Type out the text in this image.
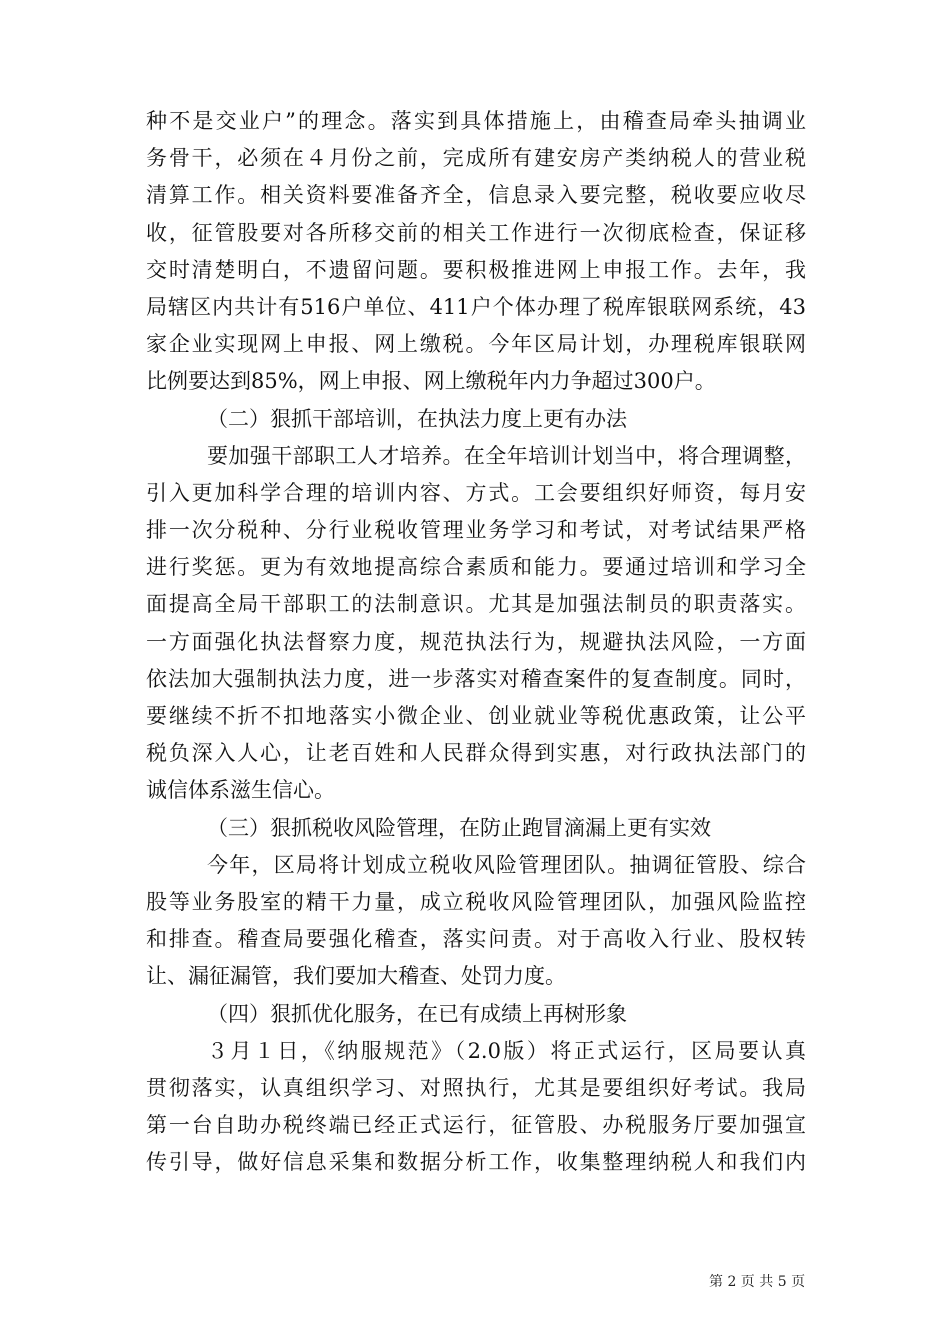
种不是交业户”的理念。落实到具体措施上，由稽查局牵头抽调业
务骨干，必须在４月份之前，完成所有建安房产类纳税人的营业税
清算工作。相关资料要准备齐全，信息录入要完整，税收要应收尽
收，征管股要对各所移交前的相关工作进行一次彻底检查，保证移
交时清楚明白，不遗留问题。要积极推进网上申报工作。去年，我
局辖区内共计有516户单位、411户个体办理了税库银联网系统，43
家企业实现网上申报、网上缴税。今年区局计划，办理税库银联网
比例要达到85%，网上申报、网上缴税年内力争超过300户。
（二）狠抓干部培训，在执法力度上更有办法
要加强干部职工人才培养。在全年培训计划当中，将合理调整，
引入更加科学合理的培训内容、方式。工会要组织好师资，每月安
排一次分税种、分行业税收管理业务学习和考试，对考试结果严格
进行奖惩。更为有效地提高综合素质和能力。要通过培训和学习全
面提高全局干部职工的法制意识。尤其是加强法制员的职责落实。
一方面强化执法督察力度，规范执法行为，规避执法风险，一方面
依法加大强制执法力度，进一步落实对稽查案件的复查制度。同时，
要继续不折不扣地落实小微企业、创业就业等税优惠政策，让公平
税负深入人心，让老百姓和人民群众得到实惠，对行政执法部门的
诚信体系滋生信心。
（三）狠抓税收风险管理，在防止跑冒滴漏上更有实效
今年，区局将计划成立税收风险管理团队。抽调征管股、综合
股等业务股室的精干力量，成立税收风险管理团队，加强风险监控
和排查。稽查局要强化稽查，落实问责。对于高收入行业、股权转
让、漏征漏管，我们要加大稽查、处罚力度。
（四）狠抓优化服务，在已有成绩上再树形象
３月１日，《纳服规范》（2.0版）将正式运行，区局要认真
贯彻落实，认真组织学习、对照执行，尤其是要组织好考试。我局
第一台自助办税终端已经正式运行，征管股、办税服务厅要加强宣
传引导，做好信息采集和数据分析工作，收集整理纳税人和我们内
第 2 页 共 5 页
